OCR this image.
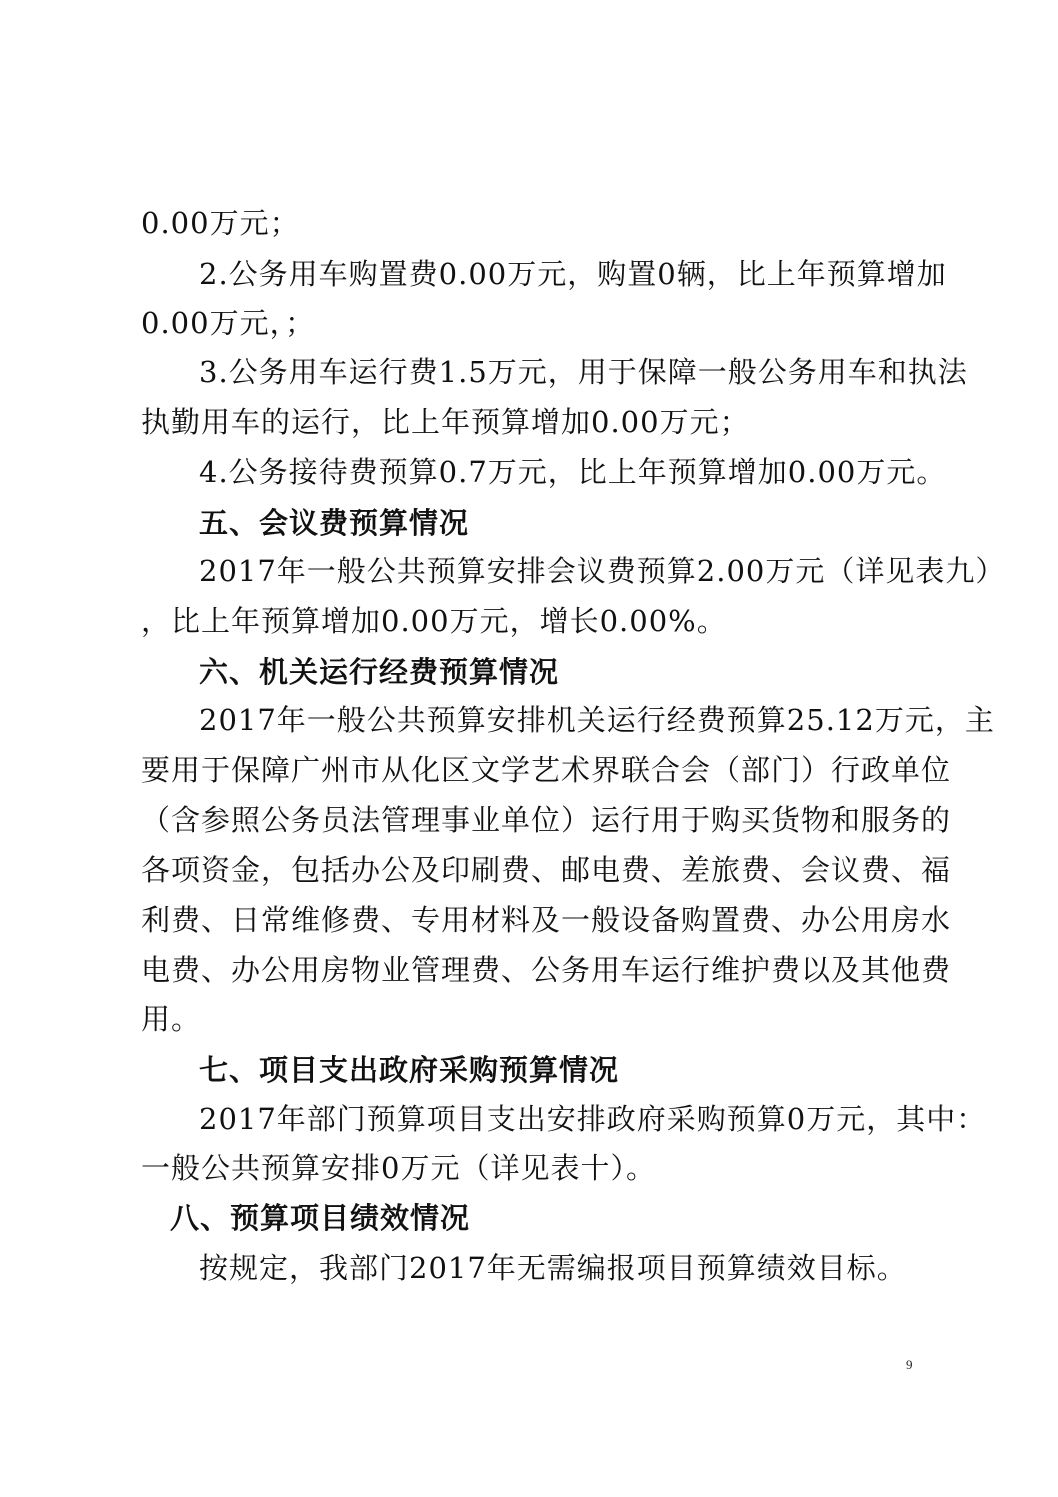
0.00万元；
2.公务用车购置费0.00万元，购置0辆，比上年预算增加
0.00万元，；
3.公务用车运行费1.5万元，用于保障一般公务用车和执法
执勤用车的运行，比上年预算增加0.00万元；
4.公务接待费预算0.7万元，比上年预算增加0.00万元。
五、会议费预算情况
2017年一般公共预算安排会议费预算2.00万元（详见表九）
，比上年预算增加0.00万元，增长0.00%。
六、机关运行经费预算情况
2017年一般公共预算安排机关运行经费预算25.12万元，主
要用于保障广州市从化区文学艺术界联合会（部门）行政单位
（含参照公务员法管理事业单位）运行用于购买货物和服务的
各项资金，包括办公及印刷费、邮电费、差旅费、会议费、福
利费、日常维修费、专用材料及一般设备购置费、办公用房水
电费、办公用房物业管理费、公务用车运行维护费以及其他费
用。
七、项目支出政府采购预算情况
2017年部门预算项目支出安排政府采购预算0万元，其中：
一般公共预算安排0万元（详见表十）。
八、预算项目绩效情况
按规定，我部门2017年无需编报项目预算绩效目标。
9
